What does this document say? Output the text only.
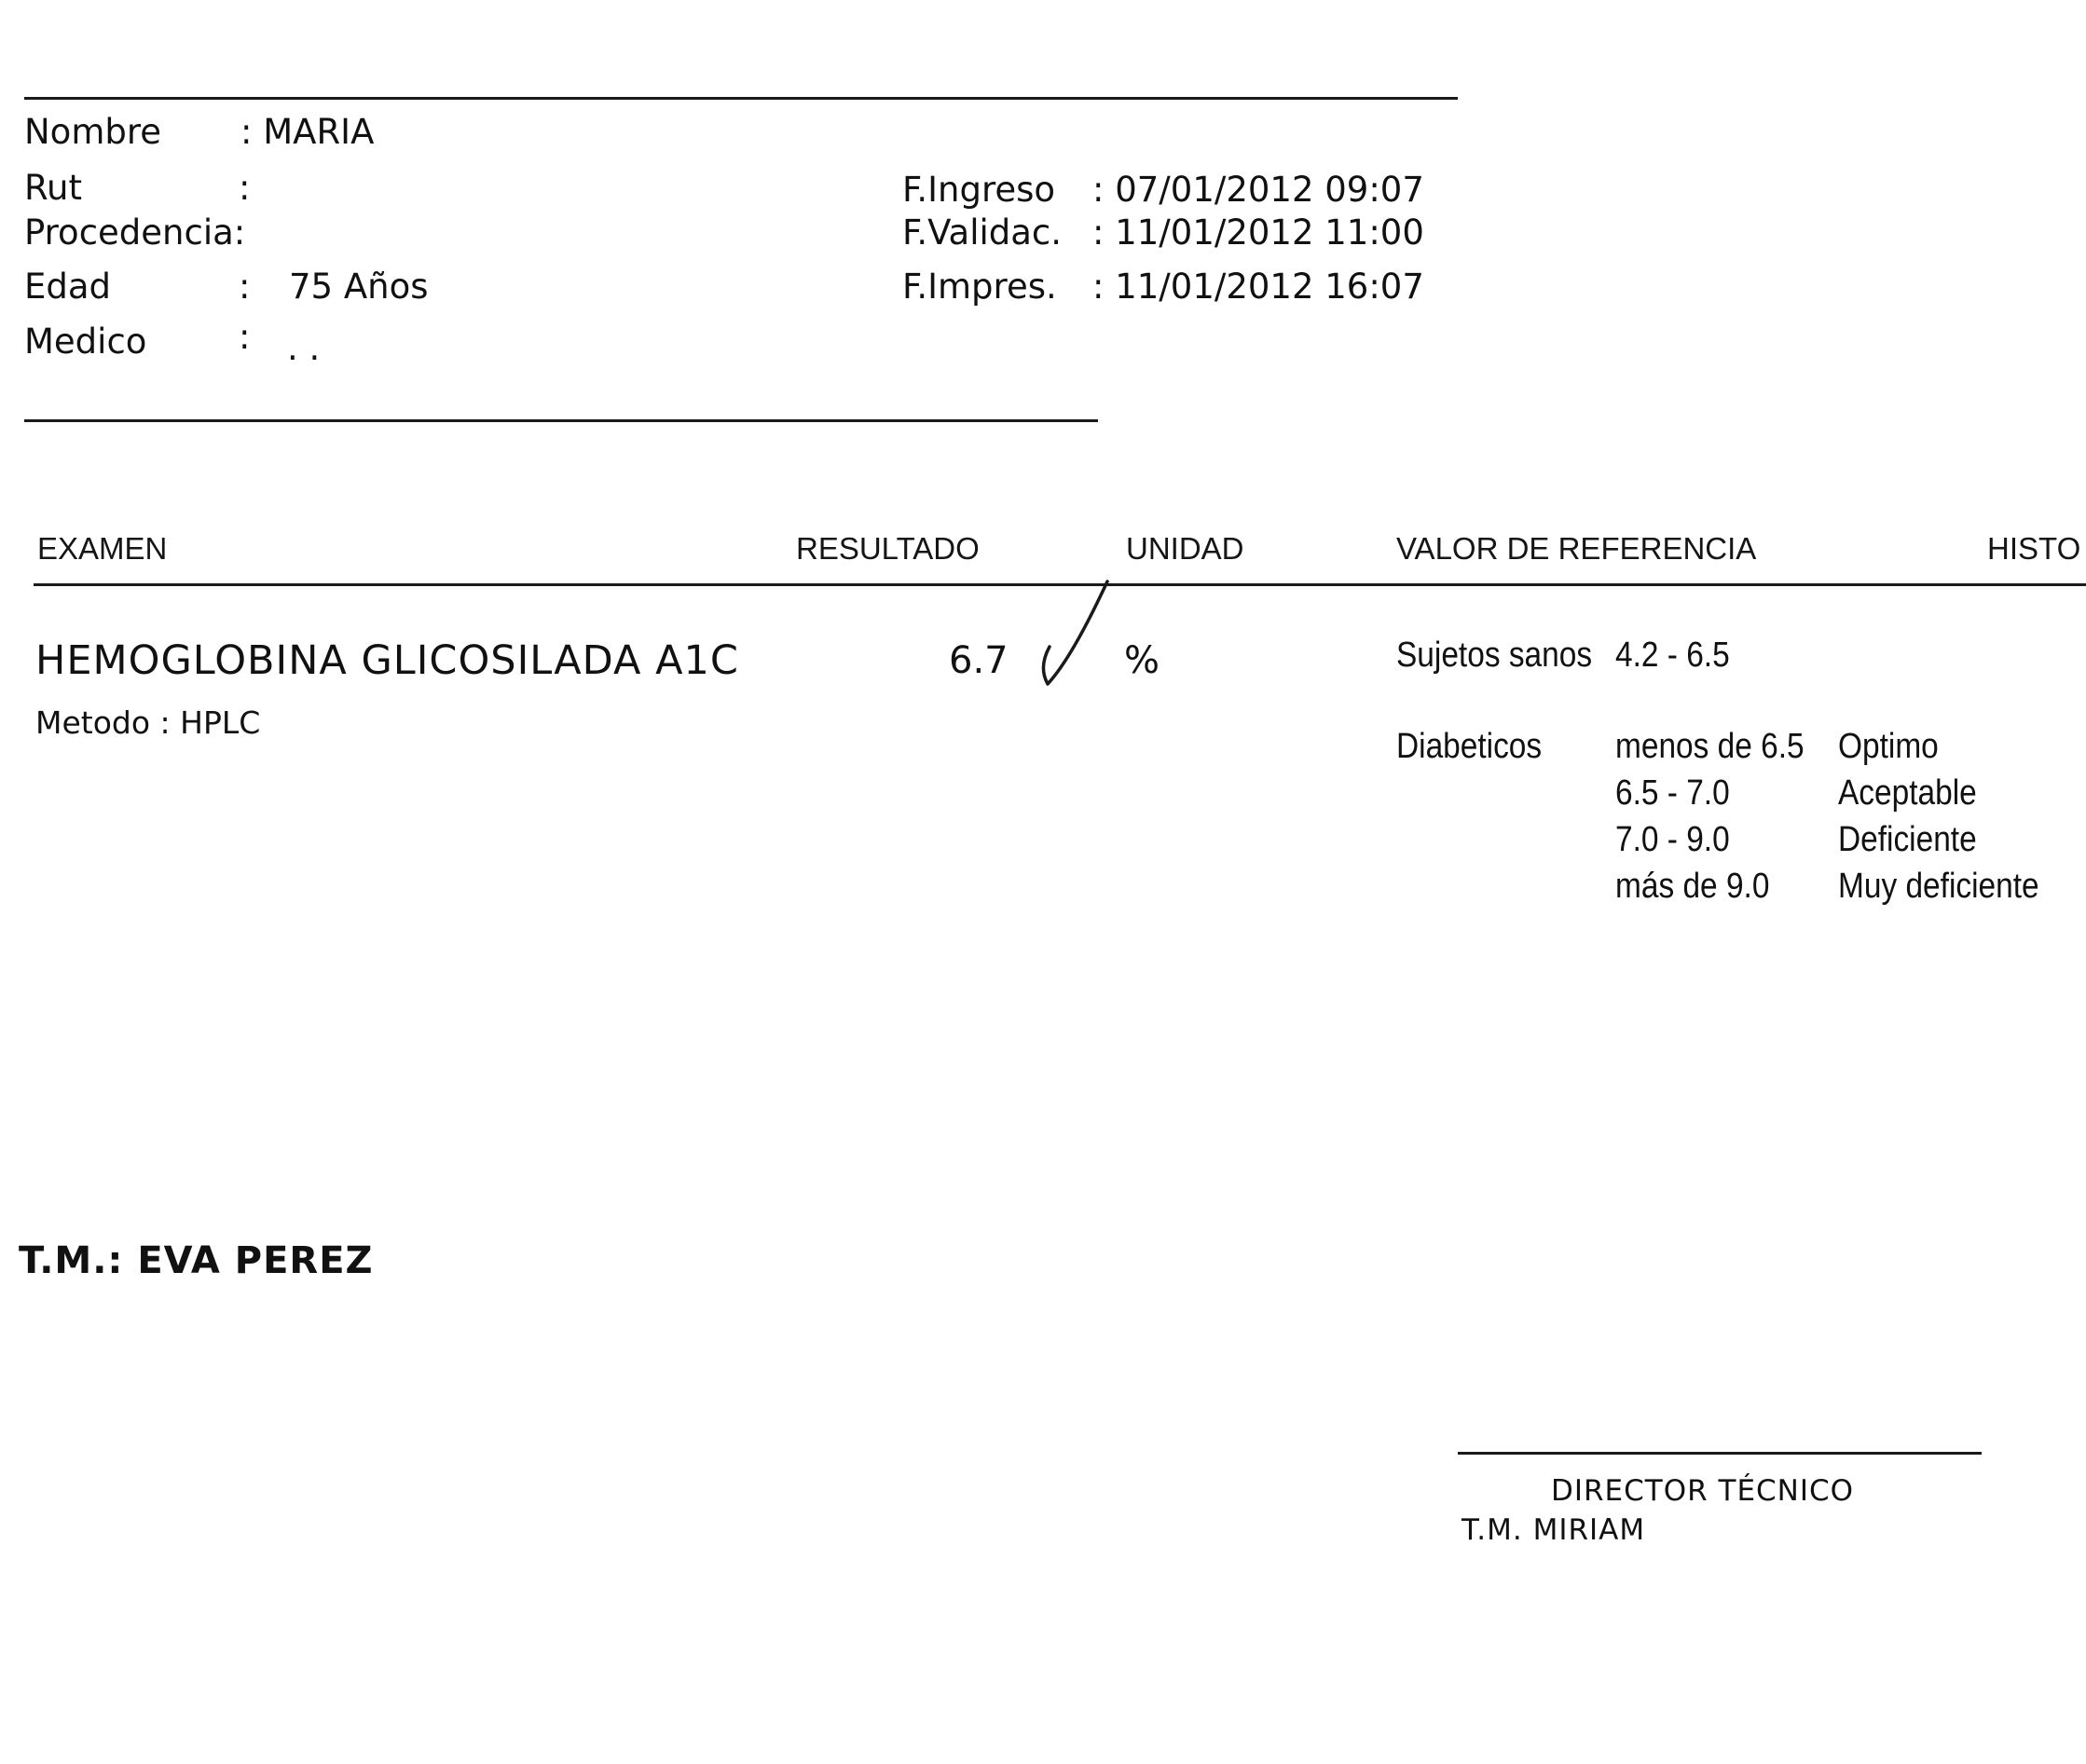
Nombre : MARIA
Rut	:
Procedencia:
Edad	: 75 Años
Medico	: . .
F.Ingreso : 07/01/2012 09:07
F.Validac. : 11/01/2012 11:00
F.Impres. : 11/01/2012 16:07
EXAMEN	RESULTADO	UNIDAD	VALOR DE REFERENCIA	HISTO
HEMOGLOBINA GLICOSILADA A1C
Metodo : HPLC
6.7	%	Sujetos sanos 4.2 - 6.5
Diabeticos menos de 6.5 Optimo
6.5 - 7.0	Aceptable
7.0 - 9.0	Deficiente
más de 9.0 Muy deficiente
T.M.: EVA PEREZ
DIRECTOR TÉCNICO
T.M. MIRIAM
